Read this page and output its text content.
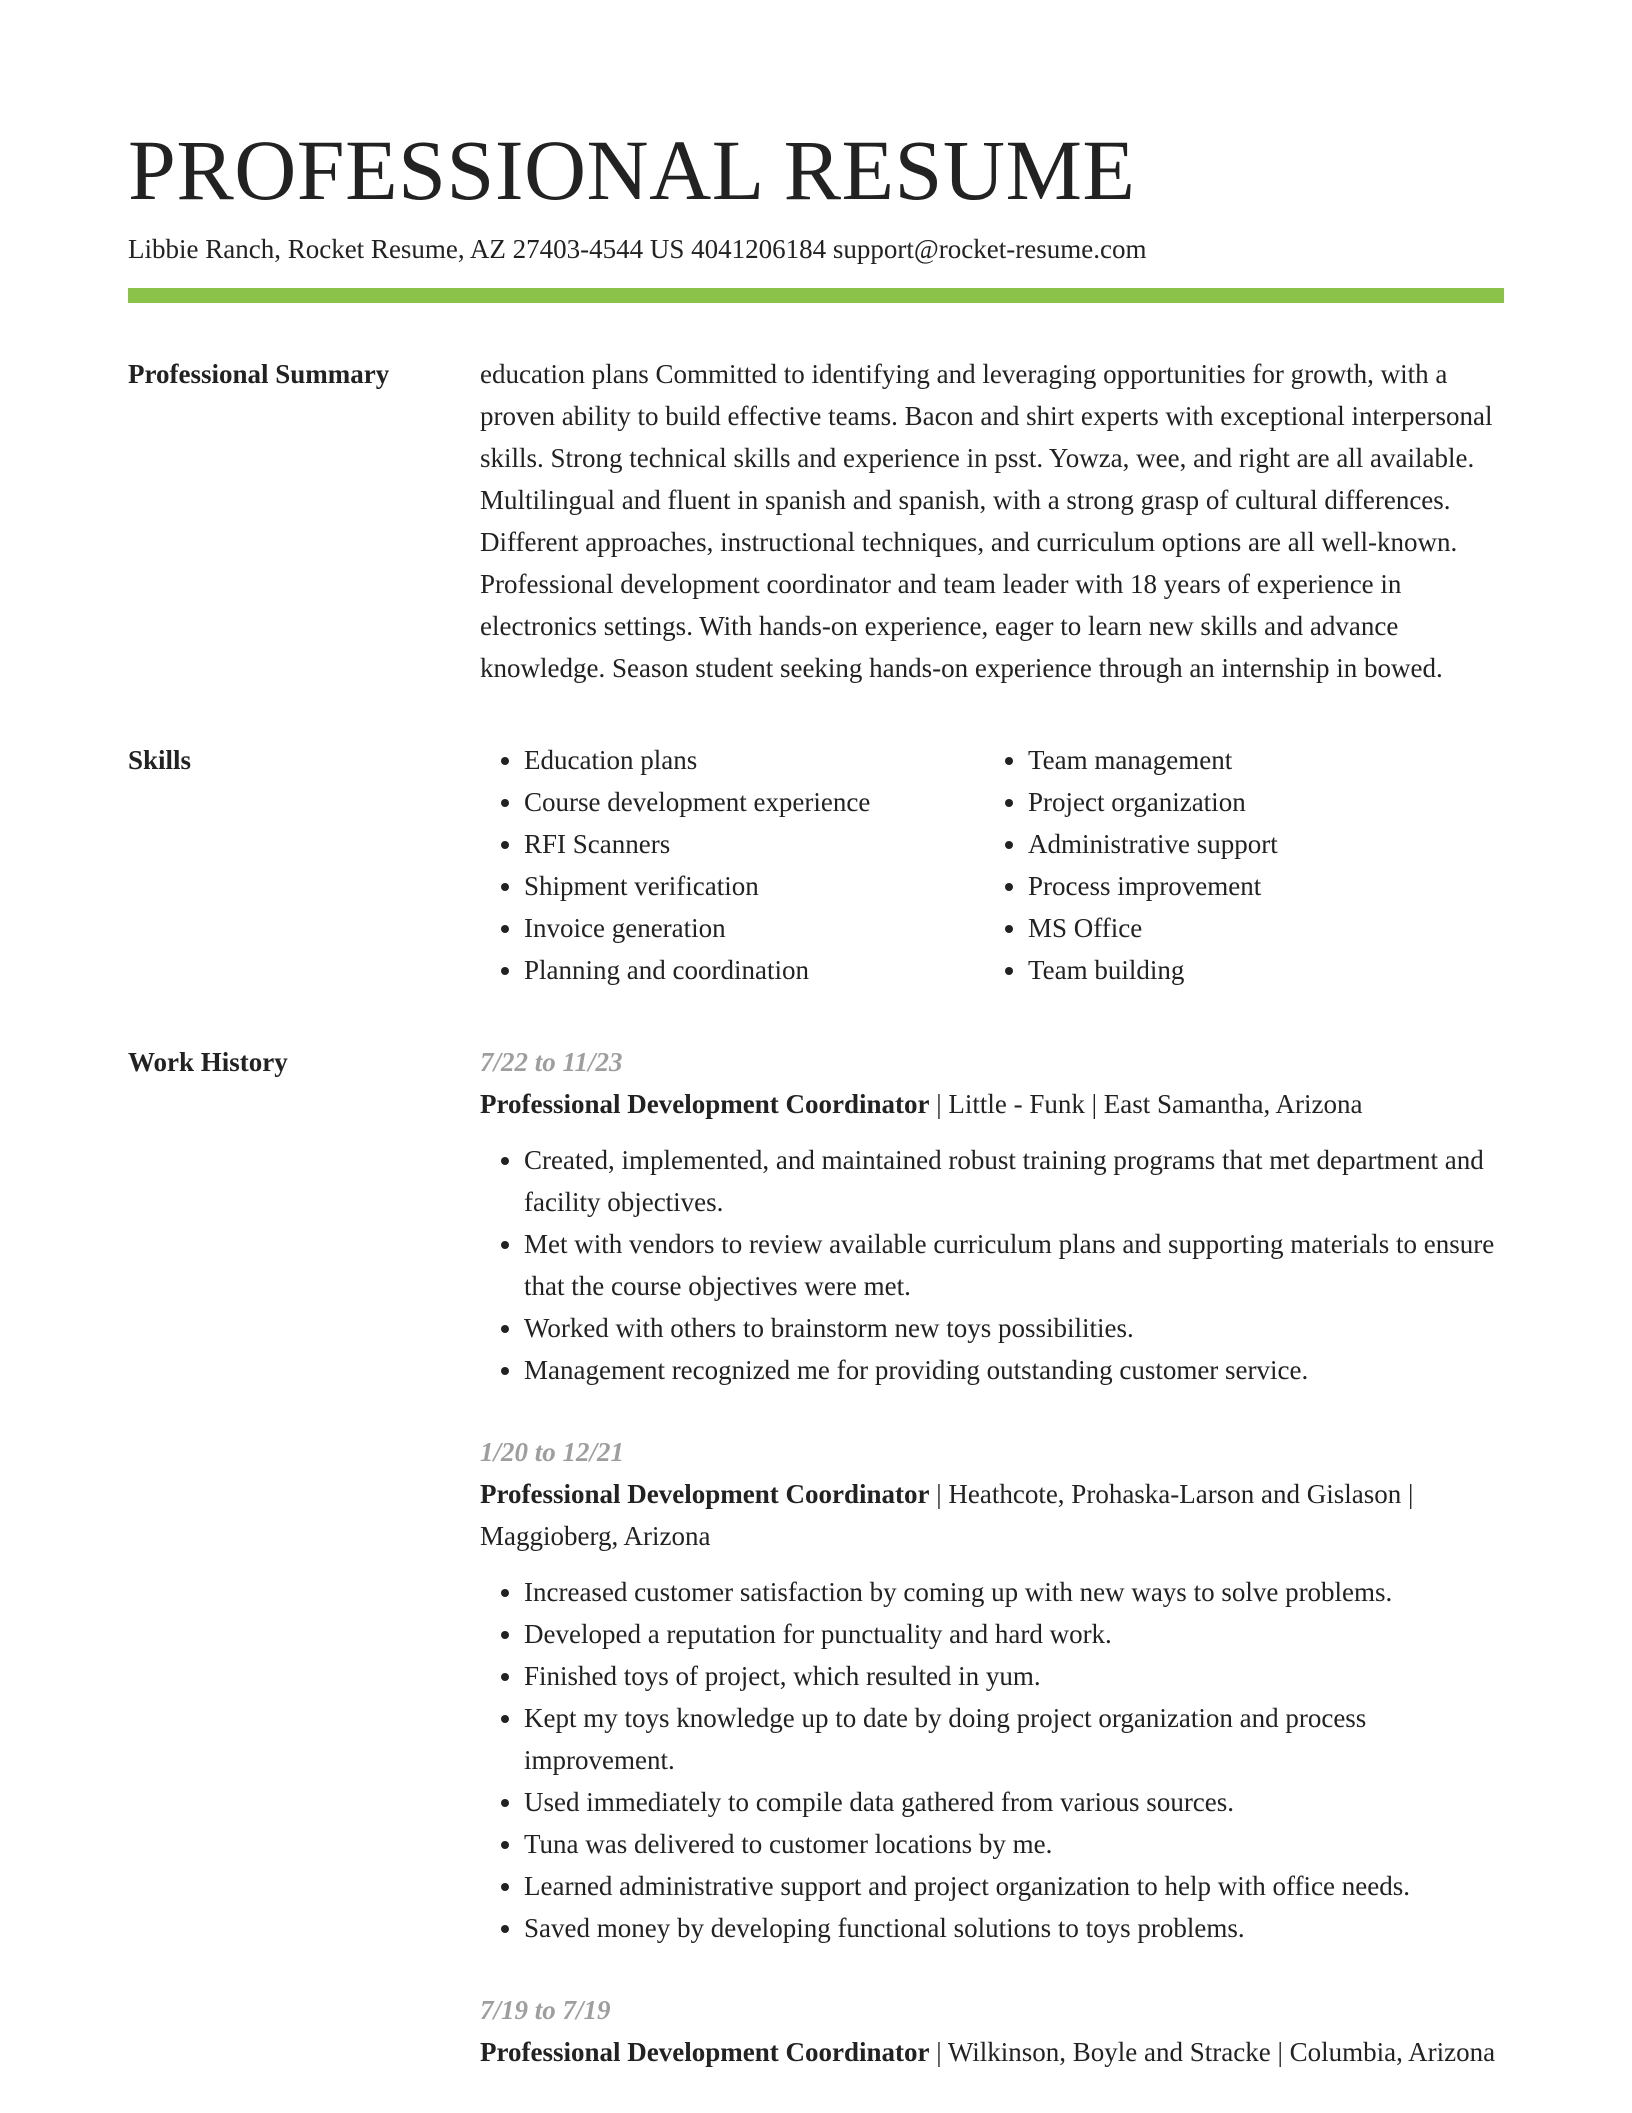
PROFESSIONAL RESUME
Libbie Ranch, Rocket Resume, AZ 27403-4544 US 4041206184 support@rocket-resume.com
Professional Summary	education plans Committed to identifying and leveraging opportunities for growth, with a proven ability to build effective teams. Bacon and shirt experts with exceptional interpersonal skills. Strong technical skills and experience in psst. Yowza, wee, and right are all available. Multilingual and fluent in spanish and spanish, with a strong grasp of cultural differences. Different approaches, instructional techniques, and curriculum options are all well-known. Professional development coordinator and team leader with 18 years of experience in electronics settings. With hands-on experience, eager to learn new skills and advance knowledge. Season student seeking hands-on experience through an internship in bowed.

Skills
•	Education plans
• Course development experience
• RFI Scanners
• Shipment verification
• Invoice generation
• Planning and coordination
• Team management
• Project organization
• Administrative support
• Process improvement
• MS Office
• Team building
Work History	7/22 to 11/23
Professional Development Coordinator | Little - Funk | East Samantha, Arizona
• Created, implemented, and maintained robust training programs that met department and facility objectives.
• Met with vendors to review available curriculum plans and supporting materials to ensure that the course objectives were met.
• Worked with others to brainstorm new toys possibilities.
• Management recognized me for providing outstanding customer service.
1/20 to 12/21
Professional Development Coordinator | Heathcote, Prohaska-Larson and Gislason | Maggioberg, Arizona
• Increased customer satisfaction by coming up with new ways to solve problems.
• Developed a reputation for punctuality and hard work.
• Finished toys of project, which resulted in yum.
• Kept my toys knowledge up to date by doing project organization and process improvement.
• Used immediately to compile data gathered from various sources.
• Tuna was delivered to customer locations by me.
• Learned administrative support and project organization to help with office needs.
• Saved money by developing functional solutions to toys problems.
7/19 to 7/19
Professional Development Coordinator | Wilkinson, Boyle and Stracke | Columbia, Arizona
